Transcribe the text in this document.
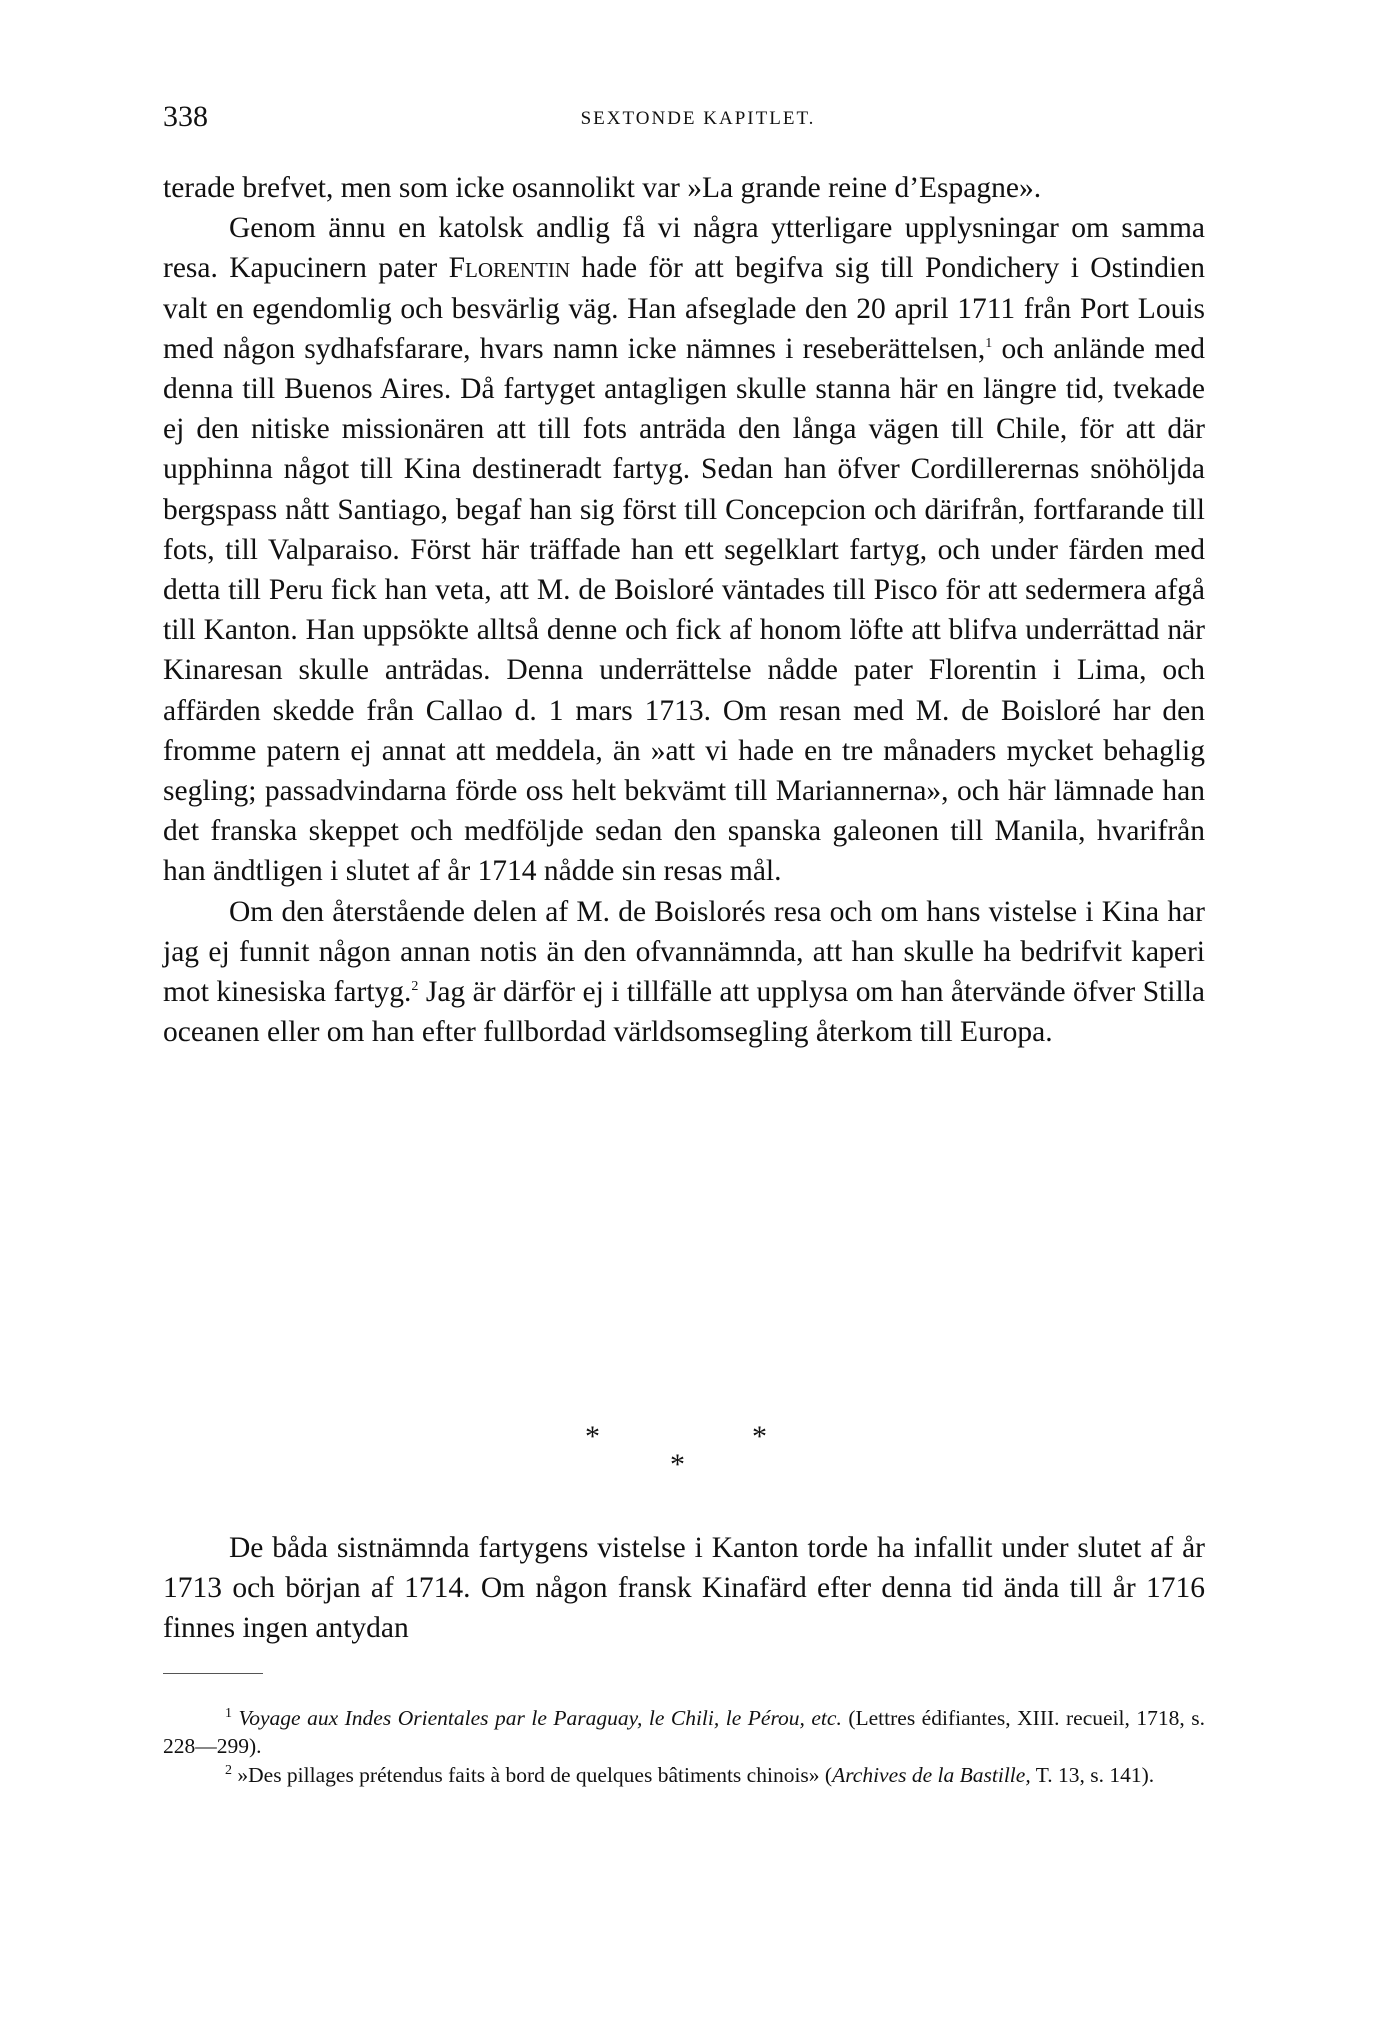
338	SEXTONDE KAPITLET.

terade brefvet, men som icke osannolikt var »La grande reine d’Espagne».

Genom ännu en katolsk andlig få vi några ytterligare upplysningar om samma resa. Kapucinern pater Florentin hade för att begifva sig till Pondichery i Ostindien valt en egendomlig och besvärlig väg. Han afseglade den 20 april 1711 från Port Louis med någon sydhafsfarare, hvars namn icke nämnes i reseberättelsen,$^1$ och anlände med denna till Buenos Aires. Då fartyget antagligen skulle stanna här en längre tid, tvekade ej den nitiske missionären att till fots anträda den långa vägen till Chile, för att där upphinna något till Kina destineradt fartyg. Sedan han öfver Cordillerernas snöhöljda bergspass nått Santiago, begaf han sig först till Concepcion och därifrån, fortfarande till fots, till Valparaiso. Först här träffade han ett segelklart fartyg, och under färden med detta till Peru fick han veta, att M. de Boisloré väntades till Pisco för att sedermera afgå till Kanton. Han uppsökte alltså denne och fick af honom löfte att blifva underrättad när Kinaresan skulle anträdas. Denna underrättelse nådde pater Florentin i Lima, och affärden skedde från Callao d. 1 mars 1713. Om resan med M. de Boisloré har den fromme patern ej annat att meddela, än »att vi hade en tre månaders mycket behaglig segling; passadvindarna förde oss helt bekvämt till Mariannerna», och här lämnade han det franska skeppet och medföljde sedan den spanska galeonen till Manila, hvarifrån han ändtligen i slutet af år 1714 nådde sin resas mål.

Om den återstående delen af M. de Boislorés resa och om hans vistelse i Kina har jag ej funnit någon annan notis än den ofvannämnda, att han skulle ha bedrifvit kaperi mot kinesiska fartyg.$^2$ Jag är därför ej i tillfälle att upplysa om han återvände öfver Stilla oceanen eller om han efter fullbordad världsomsegling återkom till Europa.

*
*
*

De båda sistnämnda fartygens vistelse i Kanton torde ha infallit under slutet af år 1713 och början af 1714. Om någon fransk Kinafärd efter denna tid ända till år 1716 finnes ingen antydan

$^1$ Voyage aux Indes Orientales par le Paraguay, le Chili, le Pérou, etc. (Lettres édifiantes, XIII. recueil, 1718, s. 228—299).

$^2$ »Des pillages prétendus faits à bord de quelques bâtiments chinois» (Archives de la Bastille, T. 13, s. 141).
